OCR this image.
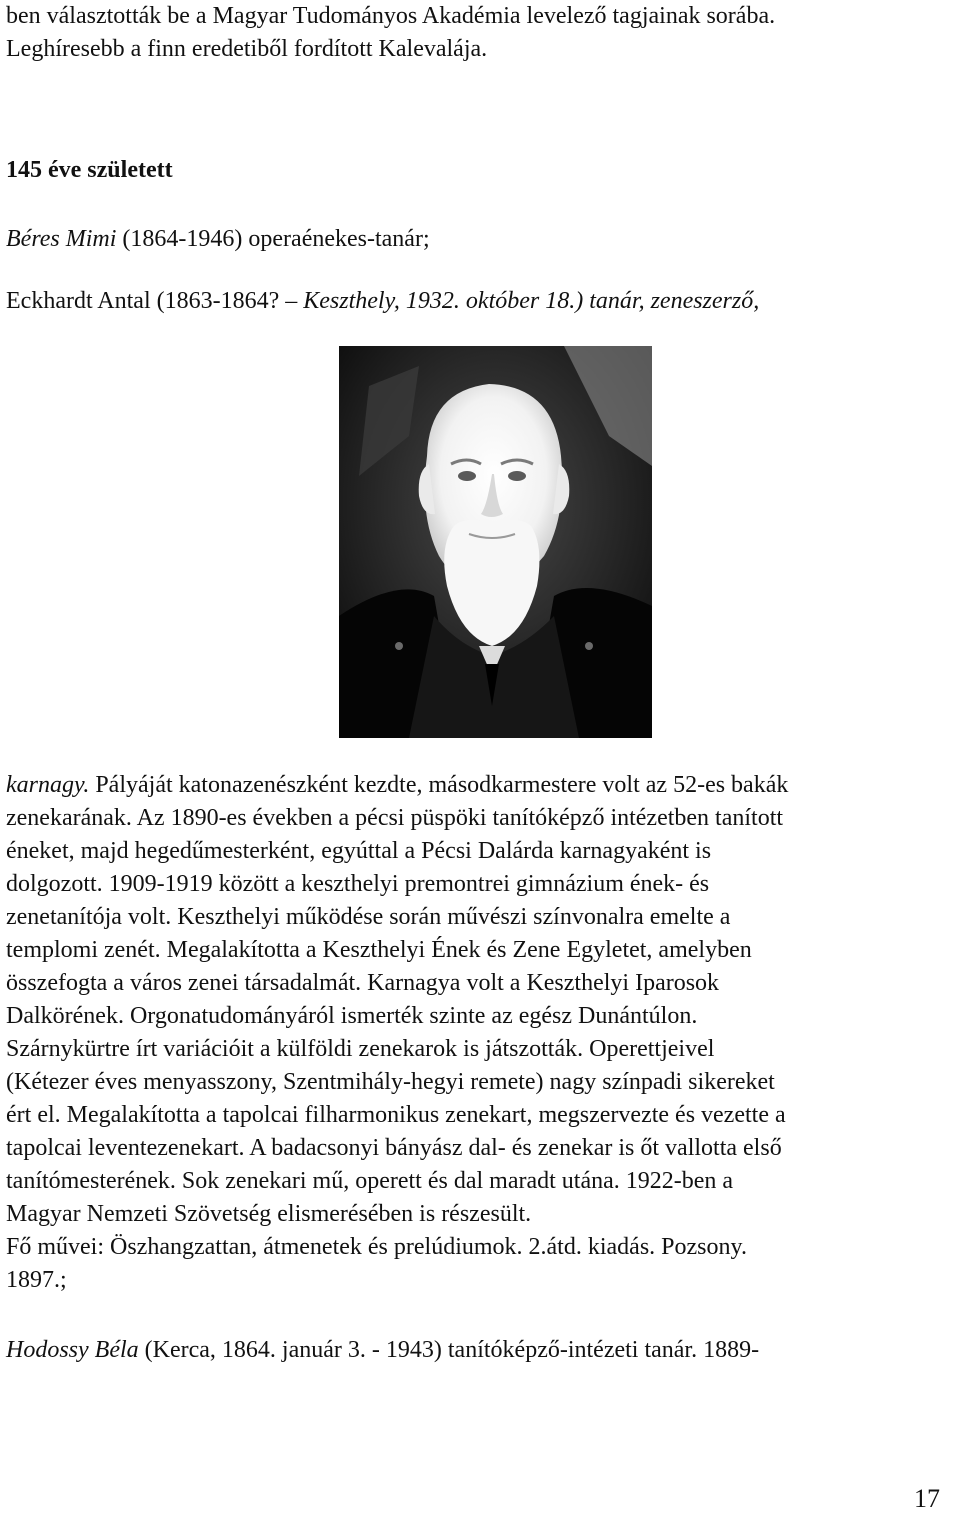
ben választották be a Magyar Tudományos Akadémia levelező tagjainak sorába.
Leghíresebb a finn eredetiből fordított Kalevalája.
145 éve született
Béres Mimi (1864-1946) operaénekes-tanár;
Eckhardt Antal (1863-1864? – Keszthely, 1932. október 18.) tanár, zeneszerző,
karnagy. Pályáját katonazenészként kezdte, másodkarmestere volt az 52-es bakák
zenekarának. Az 1890-es években a pécsi püspöki tanítóképző intézetben tanított
éneket, majd hegedűmesterként, egyúttal a Pécsi Dalárda karnagyaként is
dolgozott. 1909-1919 között a keszthelyi premontrei gimnázium ének- és
zenetanítója volt. Keszthelyi működése során művészi színvonalra emelte a
templomi zenét. Megalakította a Keszthelyi Ének és Zene Egyletet, amelyben
összefogta a város zenei társadalmát. Karnagya volt a Keszthelyi Iparosok
Dalkörének. Orgonatudományáról ismerték szinte az egész Dunántúlon.
Szárnykürtre írt variációit a külföldi zenekarok is játszották. Operettjeivel
(Kétezer éves menyasszony, Szentmihály-hegyi remete) nagy színpadi sikereket
ért el. Megalakította a tapolcai filharmonikus zenekart, megszervezte és vezette a
tapolcai leventezenekart. A badacsonyi bányász dal- és zenekar is őt vallotta első
tanítómesterének. Sok zenekari mű, operett és dal maradt utána. 1922-ben a
Magyar Nemzeti Szövetség elismerésében is részesült.
Fő művei: Öszhangzattan, átmenetek és prelúdiumok. 2.átd. kiadás. Pozsony.
1897.;
Hodossy Béla (Kerca, 1864. január 3. - 1943) tanítóképző-intézeti tanár. 1889-
17
